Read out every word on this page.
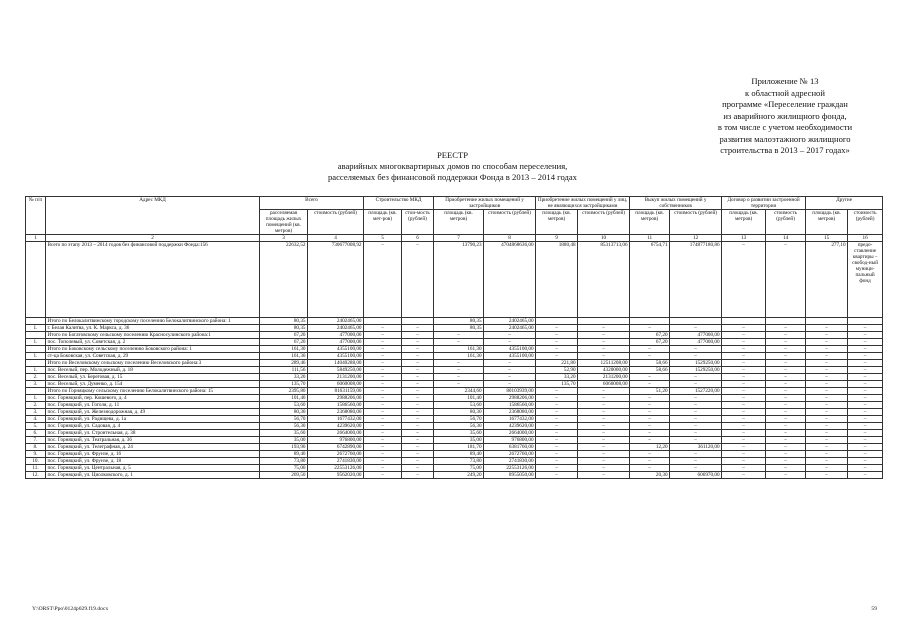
Приложение № 13
к областной адресной
программе «Переселение граждан
из аварийного жилищного фонда,
в том числе с учетом необходимости
развития малоэтажного жилищного
строительства в 2013 – 2017 годах»
РЕЕСТР
аварийных многоквартирных домов по способам переселения,
расселяемых без финансовой поддержки Фонда в 2013 – 2014 годах
№ п/п	Адрес МКД	Всего		Строительство МКД		Приобретение жилых помещений у застройщиков		Приобретение жилых помещений у лиц, не являющихся застройщиками		Выкуп жилых помещений у собственников		Договор о развитии застроенной территории		Другие	
		расселяемая площадь жилых помещений (кв. метров)	стоимость (рублей)	площадь (кв. мет-ров)	стои-мость (рублей)	площадь (кв. метров)	стоимость (рублей)	площадь (кв. метров)	стоимость (рублей)	площадь (кв. метров)	стоимость (рублей)	площадь (кв. метров)	стоимость (рублей)	площадь (кв. метров)	стоимость (рублей)
1	2	3	4	5	6	7	8	9	10	11	12	13	14	15	16
	Всего по этапу 2013 – 2014 годов без финансовой поддержки Фонда:156	22632,52	730677008,92	–	–	13790,23	4704868636,00	1880,48	85313713,06	6754,71	174877180,86	–	–	277,10	предо-ставление квартиры – свобод-ный муници-пальный фонд
	Итого по Белокалитвинскому городскому поселению Белокалитвинского района: 1	80,35	2402465,00			80,35	2402465,00								
1.	г. Белая Калитва, ул. К. Маркса, д. 36	80,35	2402465,00	–	–	80,35	2402465,00	–	–	–	–	–	–	–	–
	Итого по Богатовскому сельскому поселению Красносулинского района:1	67,20	477000,00	–	–	–	–	–	–	67,20	477000,00	–	–	–	–
1.	пос. Тополевый, ул. Советская, д. 2	67,20	477000,00	–	–	–	–	–	–	67,20	477000,00	–	–	–	–
	Итого по Боковскому сельскому поселению Боковского района: 1	161,30	4355100,00	–	–	161,30	4355100,00	–	–	–	–	–	–	–	–
1.	ст-ца Боковская, ул. Советская, д. 29	161,30	4355100,00	–	–	161,30	4355100,00	–	–	–	–	–	–	–	–
	Итого по Веселовскому сельскому поселению Веселовского района:3	289,46	14040288,00	–	–	–	–	221,80	12511208,00	58,66	1529250,00	–	–	–	–
1.	пос. Веселый, пер. Молодежный, д. 18	111,56	5849250,00	–	–	–	–	52,90	4320000,00	58,66	1529250,00	–	–	–	–
2.	пос. Веселый, ул. Береговая, д. 15	33,20	2131200,00	–	–	–	–	33,20	2131200,00	–	–	–	–	–	–
3.	пос. Веселый, ул. Думенко, д. 154	135,70	6060008,00	–	–	–	–	135,70	6060008,00	–	–	–	–	–	–
	Итого по Горняцкому сельскому поселению Белокалитвинского района: 15	2395,80	81631159,00	–	–	2344,60	80103939,00	–	–	51,20	1527220,00	–	–	–	–
1.	пос. Горняцкий, пер. Кошевого, д. 4	101,40	2988206,00	–	–	101,40	2988206,00	–	–	–	–	–	–	–	–
2.	пос. Горняцкий, ул. Гоголя, д. 11	53,60	1586560,00	–	–	53,60	1586560,00	–	–	–	–	–	–	–	–
3.	пос. Горняцкий, ул. Железнодорожная, д. 49	80,30	2368080,00	–	–	80,30	2368080,00	–	–	–	–	–	–	–	–
4.	пос. Горняцкий, ул. Радищева, д. 1а	56,70	1677432,00	–	–	56,70	1677432,00	–	–	–	–	–	–	–	–
5.	пос. Горняцкий, ул. Садовая, д. 4	56,30	4239620,00	–	–	56,30	4239620,00	–	–	–	–	–	–	–	–
6.	пос. Горняцкий, ул. Строительная, д. 38	35,60	2664000,00	–	–	35,60	2664000,00	–	–	–	–	–	–	–	–
7.	пос. Горняцкий, ул. Театральная, д. 36	35,00	976800,00	–	–	35,00	976800,00	–	–	–	–	–	–	–	–
8.	пос. Горняцкий, ул. Телеграфная, д. 24	193,90	6742890,00	–	–	181,70	6381760,00	–	–	12,20	361120,00	–	–	–	–
9.	пос. Горняцкий, ул. Фрунзе, д. 16	89,40	2672760,00	–	–	89,40	2672760,00	–	–	–	–	–	–	–	–
10.	пос. Горняцкий, ул. Фрунзе, д. 18	73,80	2741830,00	–	–	73,80	2741830,00	–	–	–	–	–	–	–	–
11.	пос. Горняцкий, ул. Центральная, д. 5	75,00	22553126,00	–	–	75,00	22553126,00	–	–	–	–	–	–	–	–
12.	пос. Горняцкий, ул. Циолковского, д. 1	269,50	9562020,00	–	–	249,20	8955050,00	–	–	20,30	606970,00	–	–	–	–
Y:\ORST\Ppo\0124p029.f19.docx	59
